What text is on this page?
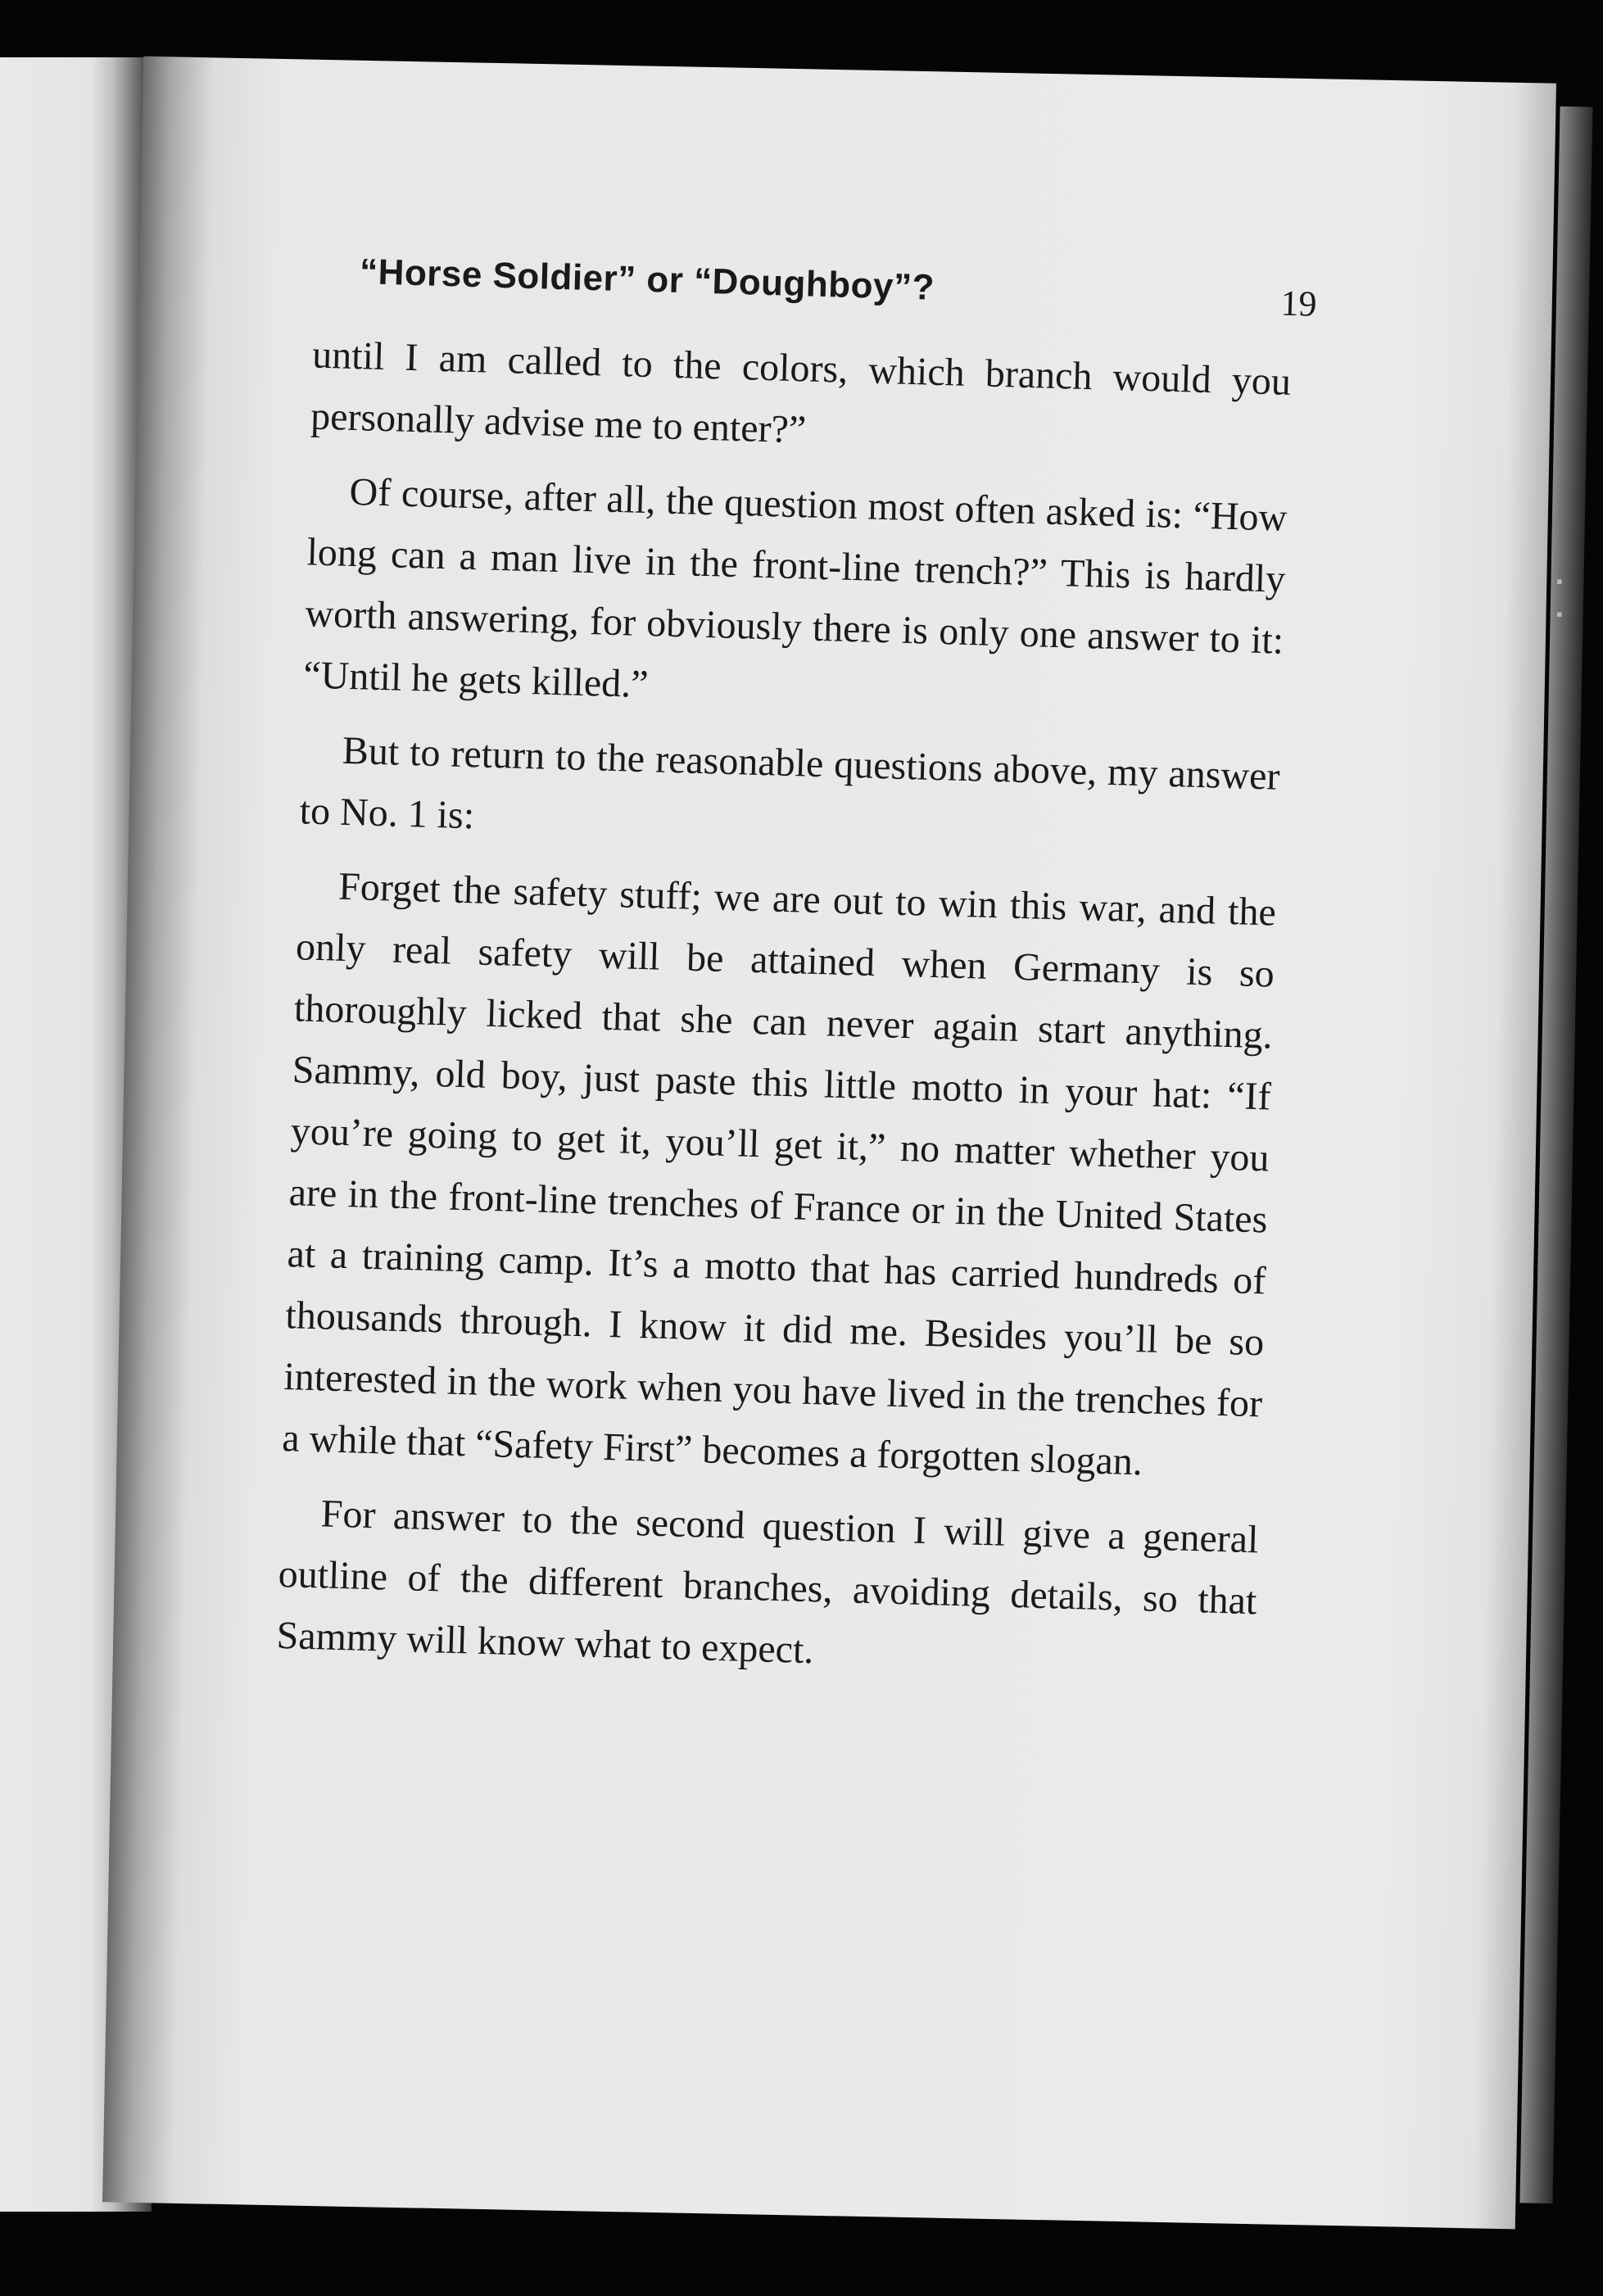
“Horse Soldier” or “Doughboy”?	19

until I am called to the colors, which branch would you personally advise me to enter?”

Of course, after all, the question most often asked is: “How long can a man live in the front-line trench?” This is hardly worth answering, for obviously there is only one answer to it: “Until he gets killed.”

But to return to the reasonable questions above, my answer to No. 1 is:

Forget the safety stuff; we are out to win this war, and the only real safety will be attained when Germany is so thoroughly licked that she can never again start anything. Sammy, old boy, just paste this little motto in your hat: “If you’re going to get it, you’ll get it,” no matter whether you are in the front-line trenches of France or in the United States at a training camp. It’s a motto that has carried hundreds of thousands through. I know it did me. Besides you’ll be so interested in the work when you have lived in the trenches for a while that “Safety First” becomes a forgotten slogan.

For answer to the second question I will give a general outline of the different branches, avoiding details, so that Sammy will know what to expect.

▪
▪
